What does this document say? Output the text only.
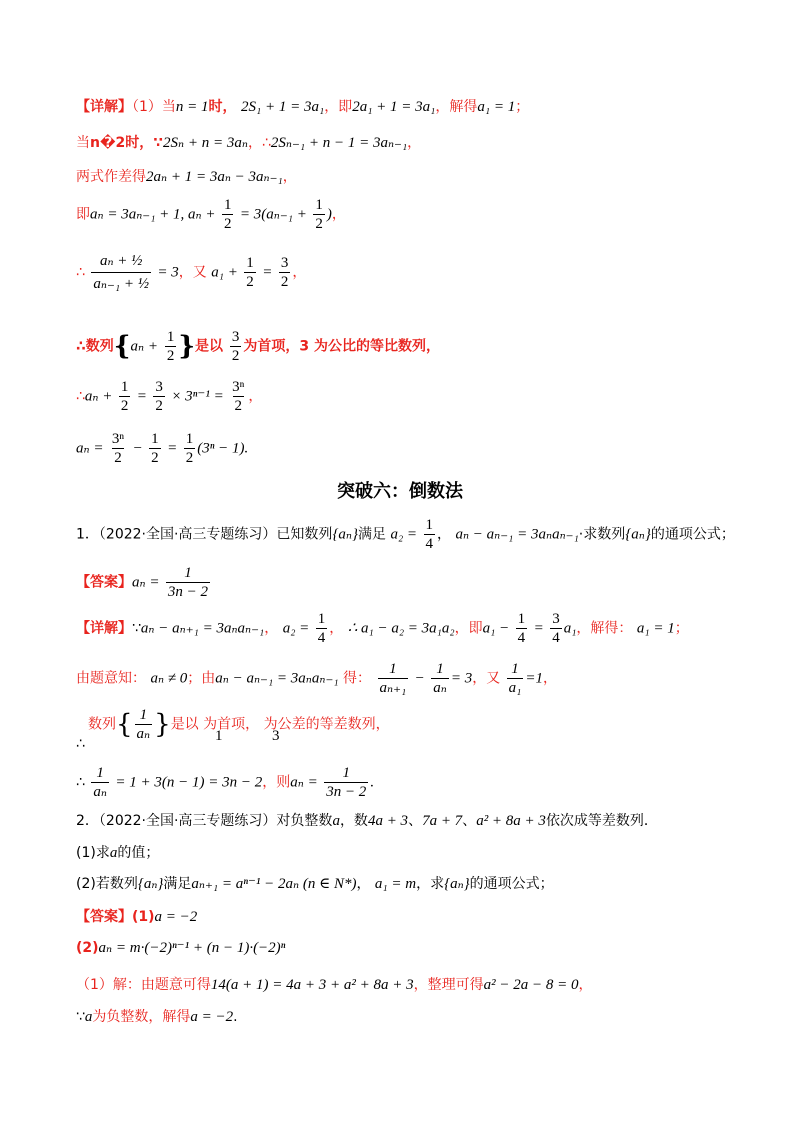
【详解】（1）当n = 1时， 2S₁ + 1 = 3a₁，即2a₁ + 1 = 3a₁，解得a₁ = 1；
当n�2时，∵2Sₙ + n = 3aₙ，∴2Sₙ₋₁ + n − 1 = 3aₙ₋₁，
两式作差得2aₙ + 1 = 3aₙ − 3aₙ₋₁，
即aₙ = 3aₙ₋₁ + 1, $a_n + \frac{1}{2} = 3(a_{n-1} + \frac{1}{2}$ )，
∴ $\frac{\text{aₙ + ½}}{\text{aₙ₋₁ + ½}} = 3$，又 $a_1 + \frac{1}{2} = \frac{3}{2}$ ，
∴数列{$a_n + \frac{1}{2}$ }是以 $\frac{3}{2}$ 为首项，3 为公比的等比数列，
∴aₙ + $\frac{1}{2} = \frac{3}{2} \times 3^{n-1} = \frac{\text{3ⁿ}}{2}$ ，
$a_n = \frac{\text{3ⁿ}}{2} - \frac{1}{2} = \frac{1}{2} (3^n - 1)$.
突破六：倒数法
1．（2022·全国·高三专题练习）已知数列{aₙ}满足 $a_2 = \frac{1}{4}$ ， aₙ − aₙ₋₁ = 3aₙaₙ₋₁·求数列{aₙ}的通项公式；
【答案】$a_n = \frac{1}{3n - 2}$
【详解】∵aₙ − aₙ₊₁ = 3aₙaₙ₋₁， $a_2 = \frac{1}{4}$ ， ∴ a₁ − a₂ = 3a₁a₂，即$a_1 - \frac{1}{4} = \frac{3}{4} a_1$，解得： a₁ = 1；
由题意知： aₙ ≠ 0；由aₙ − aₙ₋₁ = 3aₙaₙ₋₁ 得： $\frac{1}{\text{aₙ₊₁}} - \frac{1}{\text{aₙ}} = 3$，又 $\frac{1}{\text{a₁}} =1$，
数列{ $\frac{1}{\text{aₙ}}$ }是以 为首项， 为公差的等差数列，
∴	1	3
∴ $\frac{1}{\text{aₙ}} = 1 + 3(n - 1) = 3n - 2$，则$a_n = \frac{1}{3n - 2}$ .
2．（2022·全国·高三专题练习）对负整数a，数4a + 3、7a + 7、a² + 8a + 3依次成等差数列．
(1)求a的值；
(2)若数列{aₙ}满足aₙ₊₁ = aⁿ⁻¹ − 2aₙ (n ∈ N*)， a₁ = m，求{aₙ}的通项公式；
【答案】(1)a = −2
(2)aₙ = m·(−2)ⁿ⁻¹ + (n − 1)·(−2)ⁿ
（1）解：由题意可得14(a + 1) = 4a + 3 + a² + 8a + 3，整理可得a² − 2a − 8 = 0，
∵a为负整数，解得a = −2.
